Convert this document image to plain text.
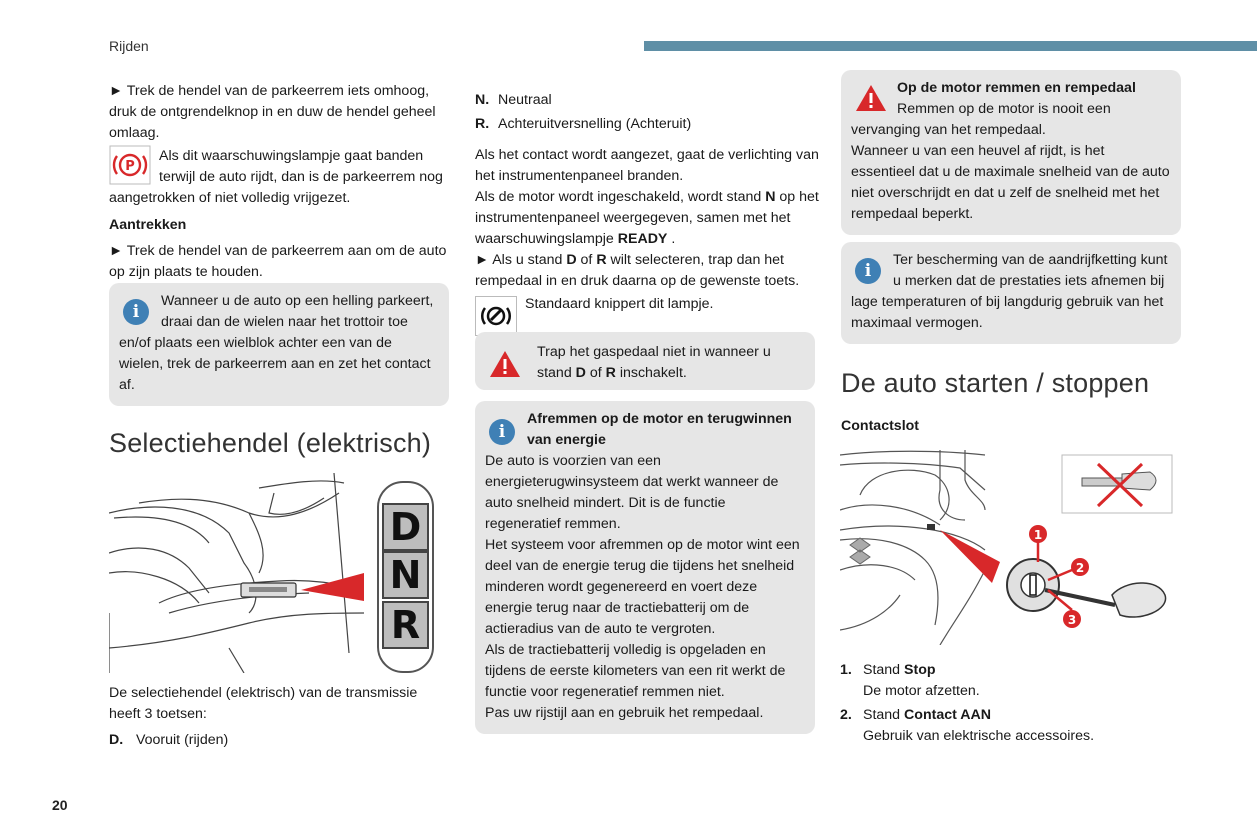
Rijden

► Trek de hendel van de parkeerrem iets omhoog, druk de ontgrendelknop in en duw de hendel geheel omlaag.

P

Als dit waarschuwingslampje gaat banden terwijl de auto rijdt, dan is de parkeerrem nog aangetrokken of niet volledig vrijgezet.

Aantrekken

► Trek de hendel van de parkeerrem aan om de auto op zijn plaats te houden.

i

Wanneer u de auto op een helling parkeert, draai dan de wielen naar het trottoir toe en/of plaats een wielblok achter een van de wielen, trek de parkeerrem aan en zet het contact af.

Selectiehendel (elektrisch)
D
N
R

De selectiehendel (elektrisch) van de transmissie heeft 3 toetsen:

D. Vooruit (rijden)

N. Neutraal

R. Achteruitversnelling (Achteruit)

Als het contact wordt aangezet, gaat de verlichting van het instrumentenpaneel branden.

Als de motor wordt ingeschakeld, wordt stand N op het instrumentenpaneel weergegeven, samen met het waarschuwingslampje READY .

► Als u stand D of R wilt selecteren, trap dan het rempedaal in en druk daarna op de gewenste toets.

Standaard knippert dit lampje.

Trap het gaspedaal niet in wanneer u stand D of R inschakelt.

i

Afremmen op de motor en terugwinnen van energie

De auto is voorzien van een energieterugwinsysteem dat werkt wanneer de auto snelheid mindert. Dit is de functie regeneratief remmen.

Het systeem voor afremmen op de motor wint een deel van de energie terug die tijdens het snelheid minderen wordt gegenereerd en voert deze energie terug naar de tractiebatterij om de actieradius van de auto te vergroten.

Als de tractiebatterij volledig is opgeladen en tijdens de eerste kilometers van een rit werkt de functie voor regeneratief remmen niet.

Pas uw rijstijl aan en gebruik het rempedaal.

Op de motor remmen en rempedaal

Remmen op de motor is nooit een vervanging van het rempedaal.

Wanneer u van een heuvel af rijdt, is het essentieel dat u de maximale snelheid van de auto niet overschrijdt en dat u zelf de snelheid met het rempedaal beperkt.

i

Ter bescherming van de aandrijfketting kunt u merken dat de prestaties iets afnemen bij lage temperaturen of bij langdurig gebruik van het maximaal vermogen.

De auto starten / stoppen

Contactslot

1
2
3
1. Stand Stop
De motor afzetten.
2. Stand Contact AAN
Gebruik van elektrische accessoires.
20
